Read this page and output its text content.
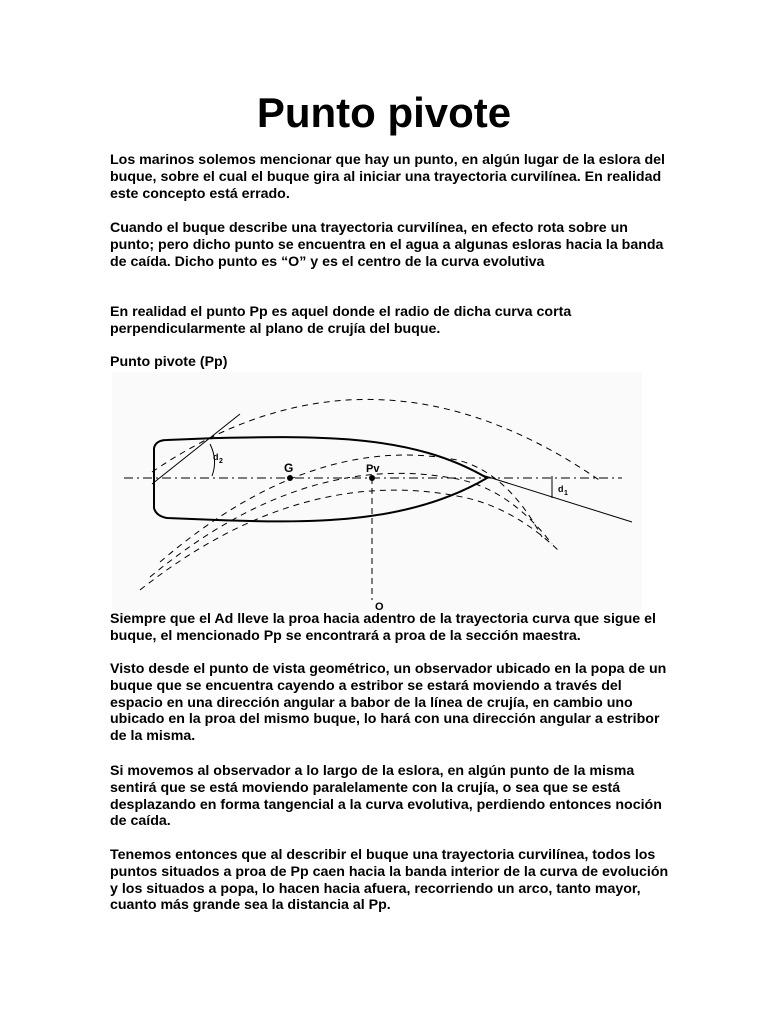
Punto pivote

Los marinos solemos mencionar que hay un punto, en algún lugar de la eslora del buque, sobre el cual el buque gira al iniciar una trayectoria curvilínea. En realidad este concepto está errado.

Cuando el buque describe una trayectoria curvilínea, en efecto rota sobre un punto; pero dicho punto se encuentra en el agua a algunas esloras hacia la banda de caída. Dicho punto es “O” y es el centro de la curva evolutiva

En realidad el punto Pp es aquel donde el radio de dicha curva corta perpendicularmente al plano de crujía del buque.

Punto pivote (Pp)

G	Pv
d 2
d 1
O

Siempre que el Ad lleve la proa hacia adentro de la trayectoria curva que sigue el buque, el mencionado Pp se encontrará a proa de la sección maestra.

Visto desde el punto de vista geométrico, un observador ubicado en la popa de un buque que se encuentra cayendo a estribor se estará moviendo a través del espacio en una dirección angular a babor de la línea de crujía, en cambio uno ubicado en la proa del mismo buque, lo hará con una dirección angular a estribor de la misma.

Si movemos al observador a lo largo de la eslora, en algún punto de la misma sentirá que se está moviendo paralelamente con la crujía, o sea que se está desplazando en forma tangencial a la curva evolutiva, perdiendo entonces noción de caída.

Tenemos entonces que al describir el buque una trayectoria curvilínea, todos los puntos situados a proa de Pp caen hacia la banda interior de la curva de evolución y los situados a popa, lo hacen hacia afuera, recorriendo un arco, tanto mayor, cuanto más grande sea la distancia al Pp.
